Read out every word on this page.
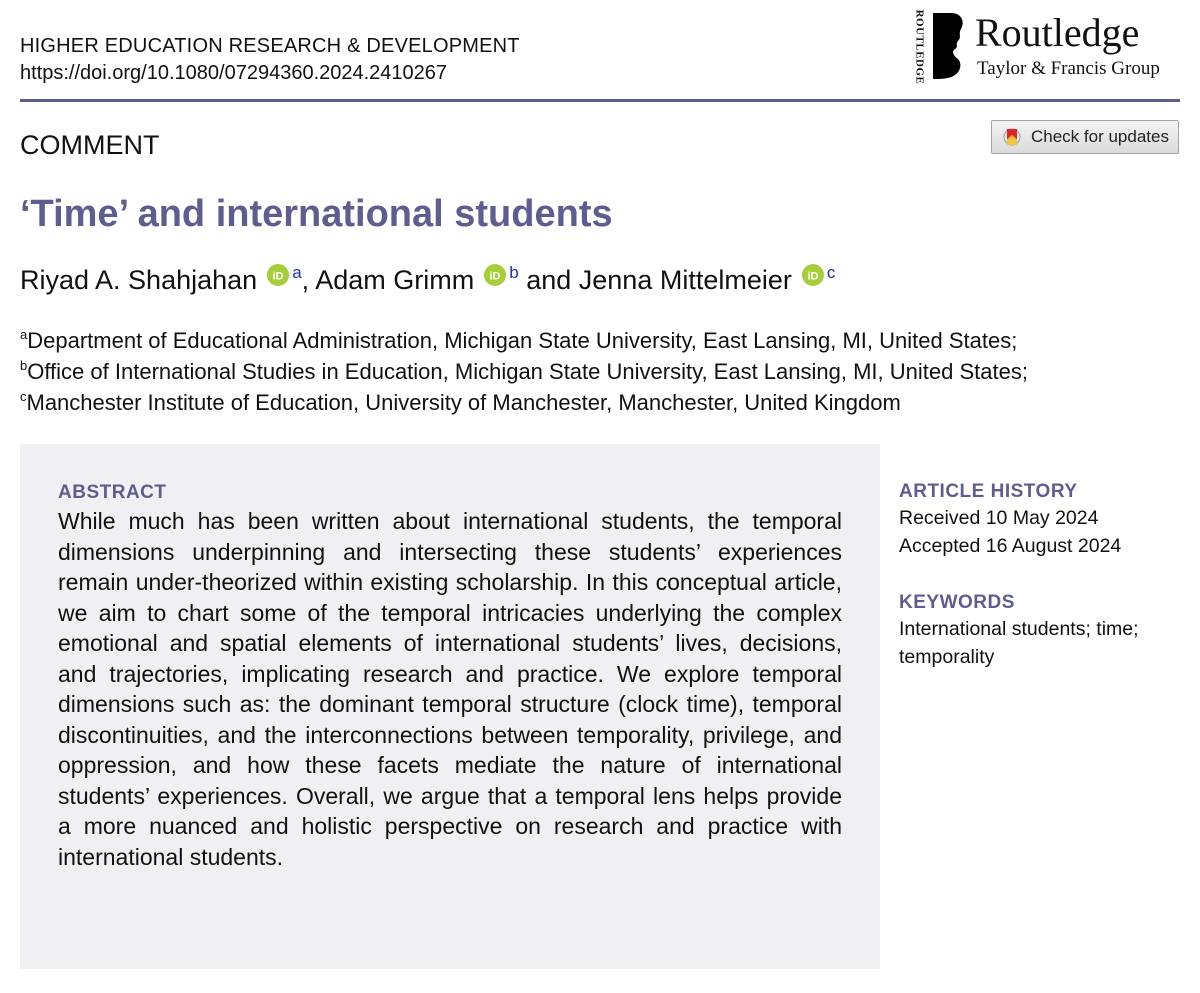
HIGHER EDUCATION RESEARCH & DEVELOPMENT
https://doi.org/10.1080/07294360.2024.2410267	ROUTLEDGE Routledge
Taylor & Francis Group
COMMENT	Check for updates
‘Time’ and international students
Riyad A. Shahjahan iD $^a$, Adam Grimm iD $^b$ and Jenna Mittelmeier iD $^c$
$^a$Department of Educational Administration, Michigan State University, East Lansing, MI, United States;
$^b$Office of International Studies in Education, Michigan State University, East Lansing, MI, United States;
$^c$Manchester Institute of Education, University of Manchester, Manchester, United Kingdom
ABSTRACT

While much has been written about international students, the temporal dimensions underpinning and intersecting these students’ experiences remain under-theorized within existing scholarship. In this conceptual article, we aim to chart some of the temporal intricacies underlying the complex emotional and spatial elements of international students’ lives, decisions, and trajectories, implicating research and practice. We explore temporal dimensions such as: the dominant temporal structure (clock time), temporal discontinuities, and the interconnections between temporality, privilege, and oppression, and how these facets mediate the nature of international students’ experiences. Overall, we argue that a temporal lens helps provide a more nuanced and holistic perspective on research and practice with international students.

ARTICLE HISTORY
Received 10 May 2024
Accepted 16 August 2024
KEYWORDS
International students; time;
temporality
